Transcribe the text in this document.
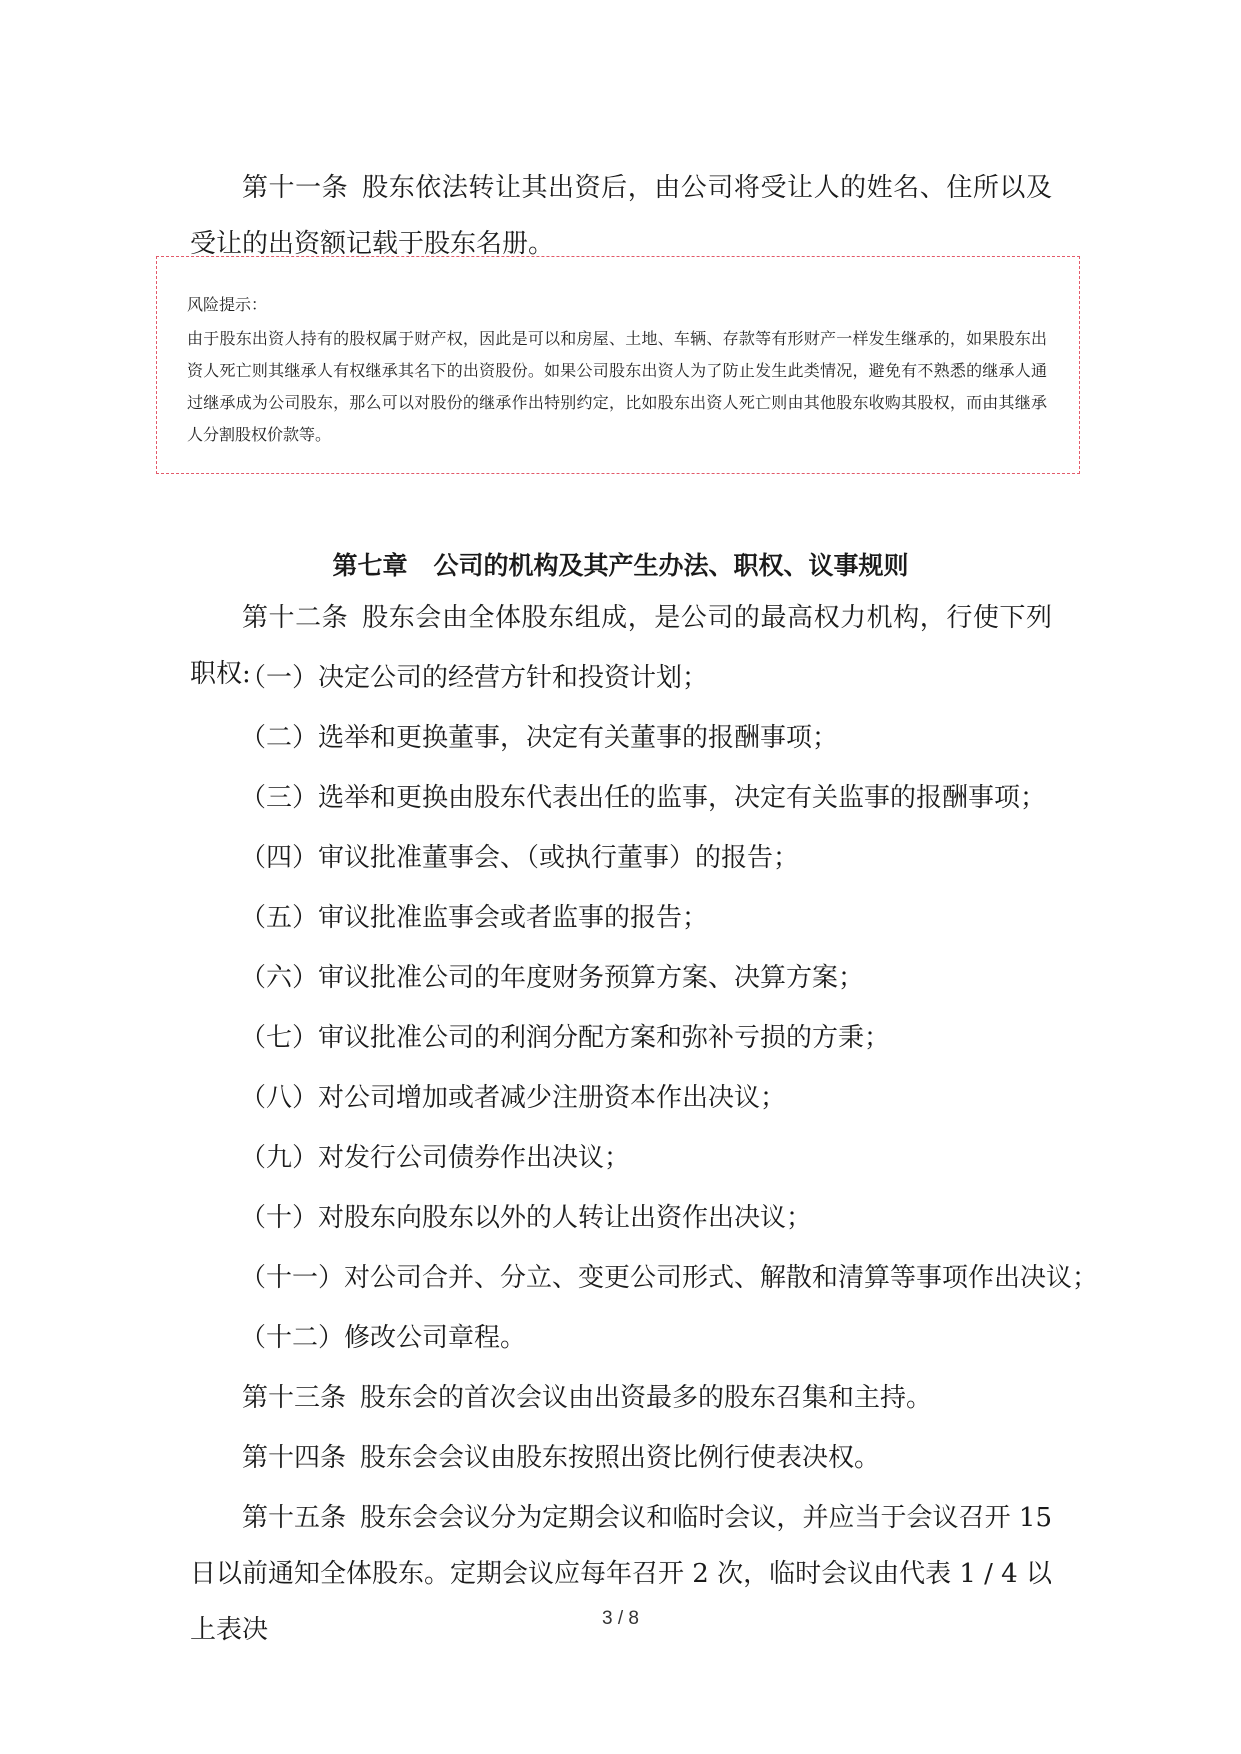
第十一条 股东依法转让其出资后，由公司将受让人的姓名、住所以及受让的出资额记载于股东名册。

风险提示：
由于股东出资人持有的股权属于财产权，因此是可以和房屋、土地、车辆、存款等有形财产一样发生继承的，如果股东出资人死亡则其继承人有权继承其名下的出资股份。如果公司股东出资人为了防止发生此类情况，避免有不熟悉的继承人通过继承成为公司股东，那么可以对股份的继承作出特别约定，比如股东出资人死亡则由其他股东收购其股权，而由其继承人分割股权价款等。
第七章 公司的机构及其产生办法、职权、议事规则

第十二条 股东会由全体股东组成，是公司的最高权力机构，行使下列职权:

（一）决定公司的经营方针和投资计划；

（二）选举和更换董事，决定有关董事的报酬事项；

（三）选举和更换由股东代表出任的监事，决定有关监事的报酬事项；

（四）审议批准董事会、（或执行董事）的报告；

（五）审议批准监事会或者监事的报告；

（六）审议批准公司的年度财务预算方案、决算方案；

（七）审议批准公司的利润分配方案和弥补亏损的方秉；

（八）对公司增加或者减少注册资本作出决议；

（九）对发行公司债券作出决议；

（十）对股东向股东以外的人转让出资作出决议；

（十一）对公司合并、分立、变更公司形式、解散和清算等事项作出决议；

（十二）修改公司章程。

第十三条 股东会的首次会议由出资最多的股东召集和主持。

第十四条 股东会会议由股东按照出资比例行使表决权。

第十五条 股东会会议分为定期会议和临时会议，并应当于会议召开 15 日以前通知全体股东。定期会议应每年召开 2 次，临时会议由代表 1 / 4 以上表决	3 / 8
